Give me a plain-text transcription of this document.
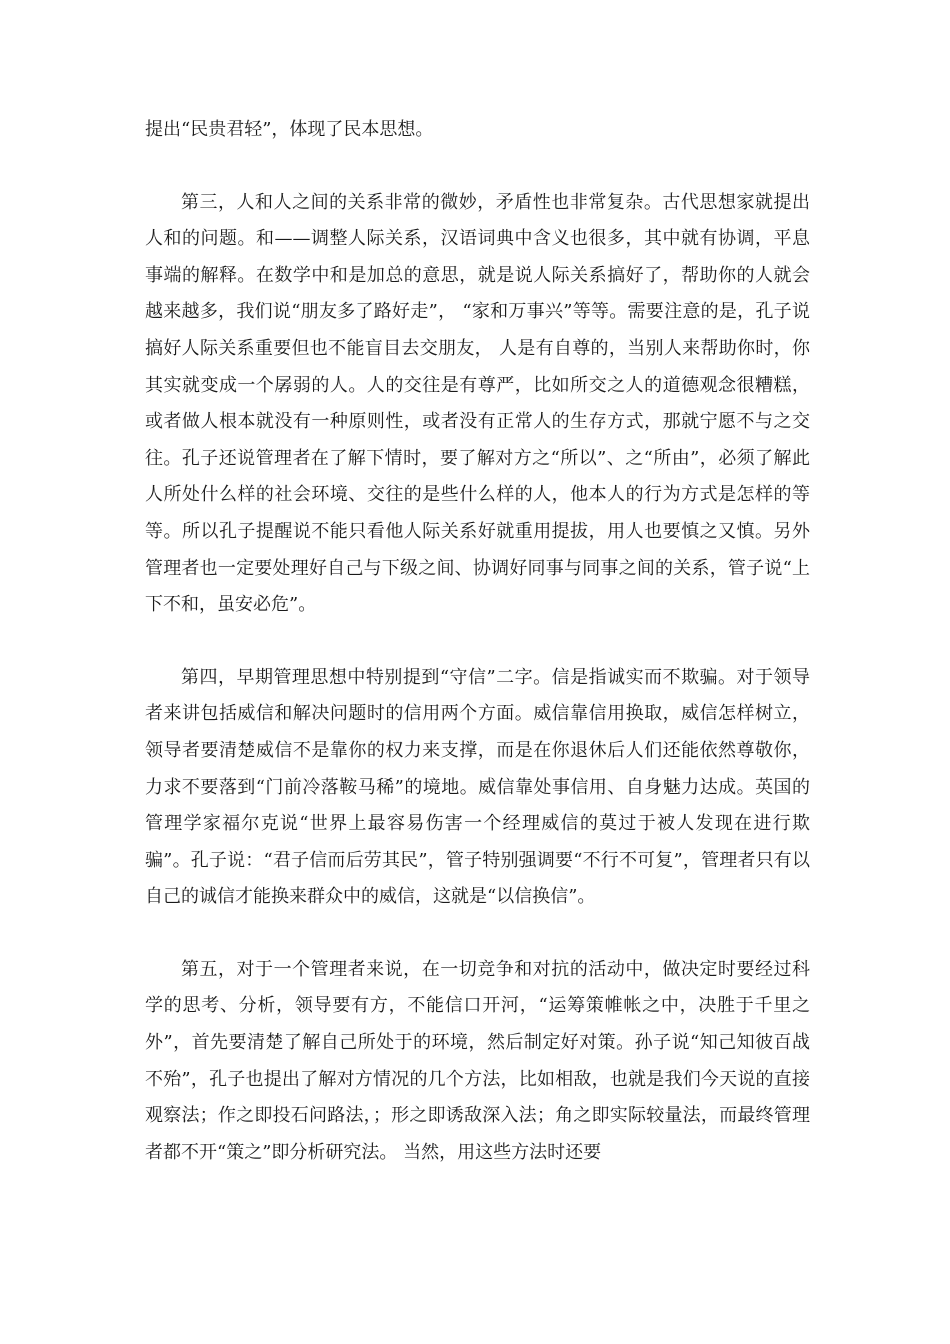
提出“民贵君轻”，体现了民本思想。

第三，人和人之间的关系非常的微妙，矛盾性也非常复杂。古代思想家就提出人和的问题。和——调整人际关系，汉语词典中含义也很多，其中就有协调，平息事端的解释。在数学中和是加总的意思，就是说人际关系搞好了，帮助你的人就会越来越多，我们说“朋友多了路好走”， “家和万事兴”等等。需要注意的是，孔子说搞好人际关系重要但也不能盲目去交朋友， 人是有自尊的，当别人来帮助你时，你其实就变成一个孱弱的人。人的交往是有尊严，比如所交之人的道德观念很糟糕，或者做人根本就没有一种原则性，或者没有正常人的生存方式，那就宁愿不与之交往。孔子还说管理者在了解下情时，要了解对方之“所以”、之“所由”，必须了解此人所处什么样的社会环境、交往的是些什么样的人，他本人的行为方式是怎样的等等。所以孔子提醒说不能只看他人际关系好就重用提拔，用人也要慎之又慎。另外管理者也一定要处理好自己与下级之间、协调好同事与同事之间的关系，管子说“上下不和，虽安必危”。

第四，早期管理思想中特别提到“守信”二字。信是指诚实而不欺骗。对于领导者来讲包括威信和解决问题时的信用两个方面。威信靠信用换取，威信怎样树立，领导者要清楚威信不是靠你的权力来支撑，而是在你退休后人们还能依然尊敬你，力求不要落到“门前冷落鞍马稀”的境地。威信靠处事信用、自身魅力达成。英国的管理学家福尔克说“世界上最容易伤害一个经理威信的莫过于被人发现在进行欺骗”。孔子说：“君子信而后劳其民”，管子特别强调要“不行不可复”，管理者只有以自己的诚信才能换来群众中的威信，这就是“以信换信”。

第五，对于一个管理者来说，在一切竞争和对抗的活动中，做决定时要经过科学的思考、分析，领导要有方，不能信口开河，“运筹策帷帐之中，决胜于千里之外”，首先要清楚了解自己所处于的环境，然后制定好对策。孙子说“知己知彼百战不殆”，孔子也提出了解对方情况的几个方法，比如相敌，也就是我们今天说的直接观察法；作之即投石问路法，；形之即诱敌深入法；角之即实际较量法，而最终管理者都不开“策之”即分析研究法。 当然，用这些方法时还要
